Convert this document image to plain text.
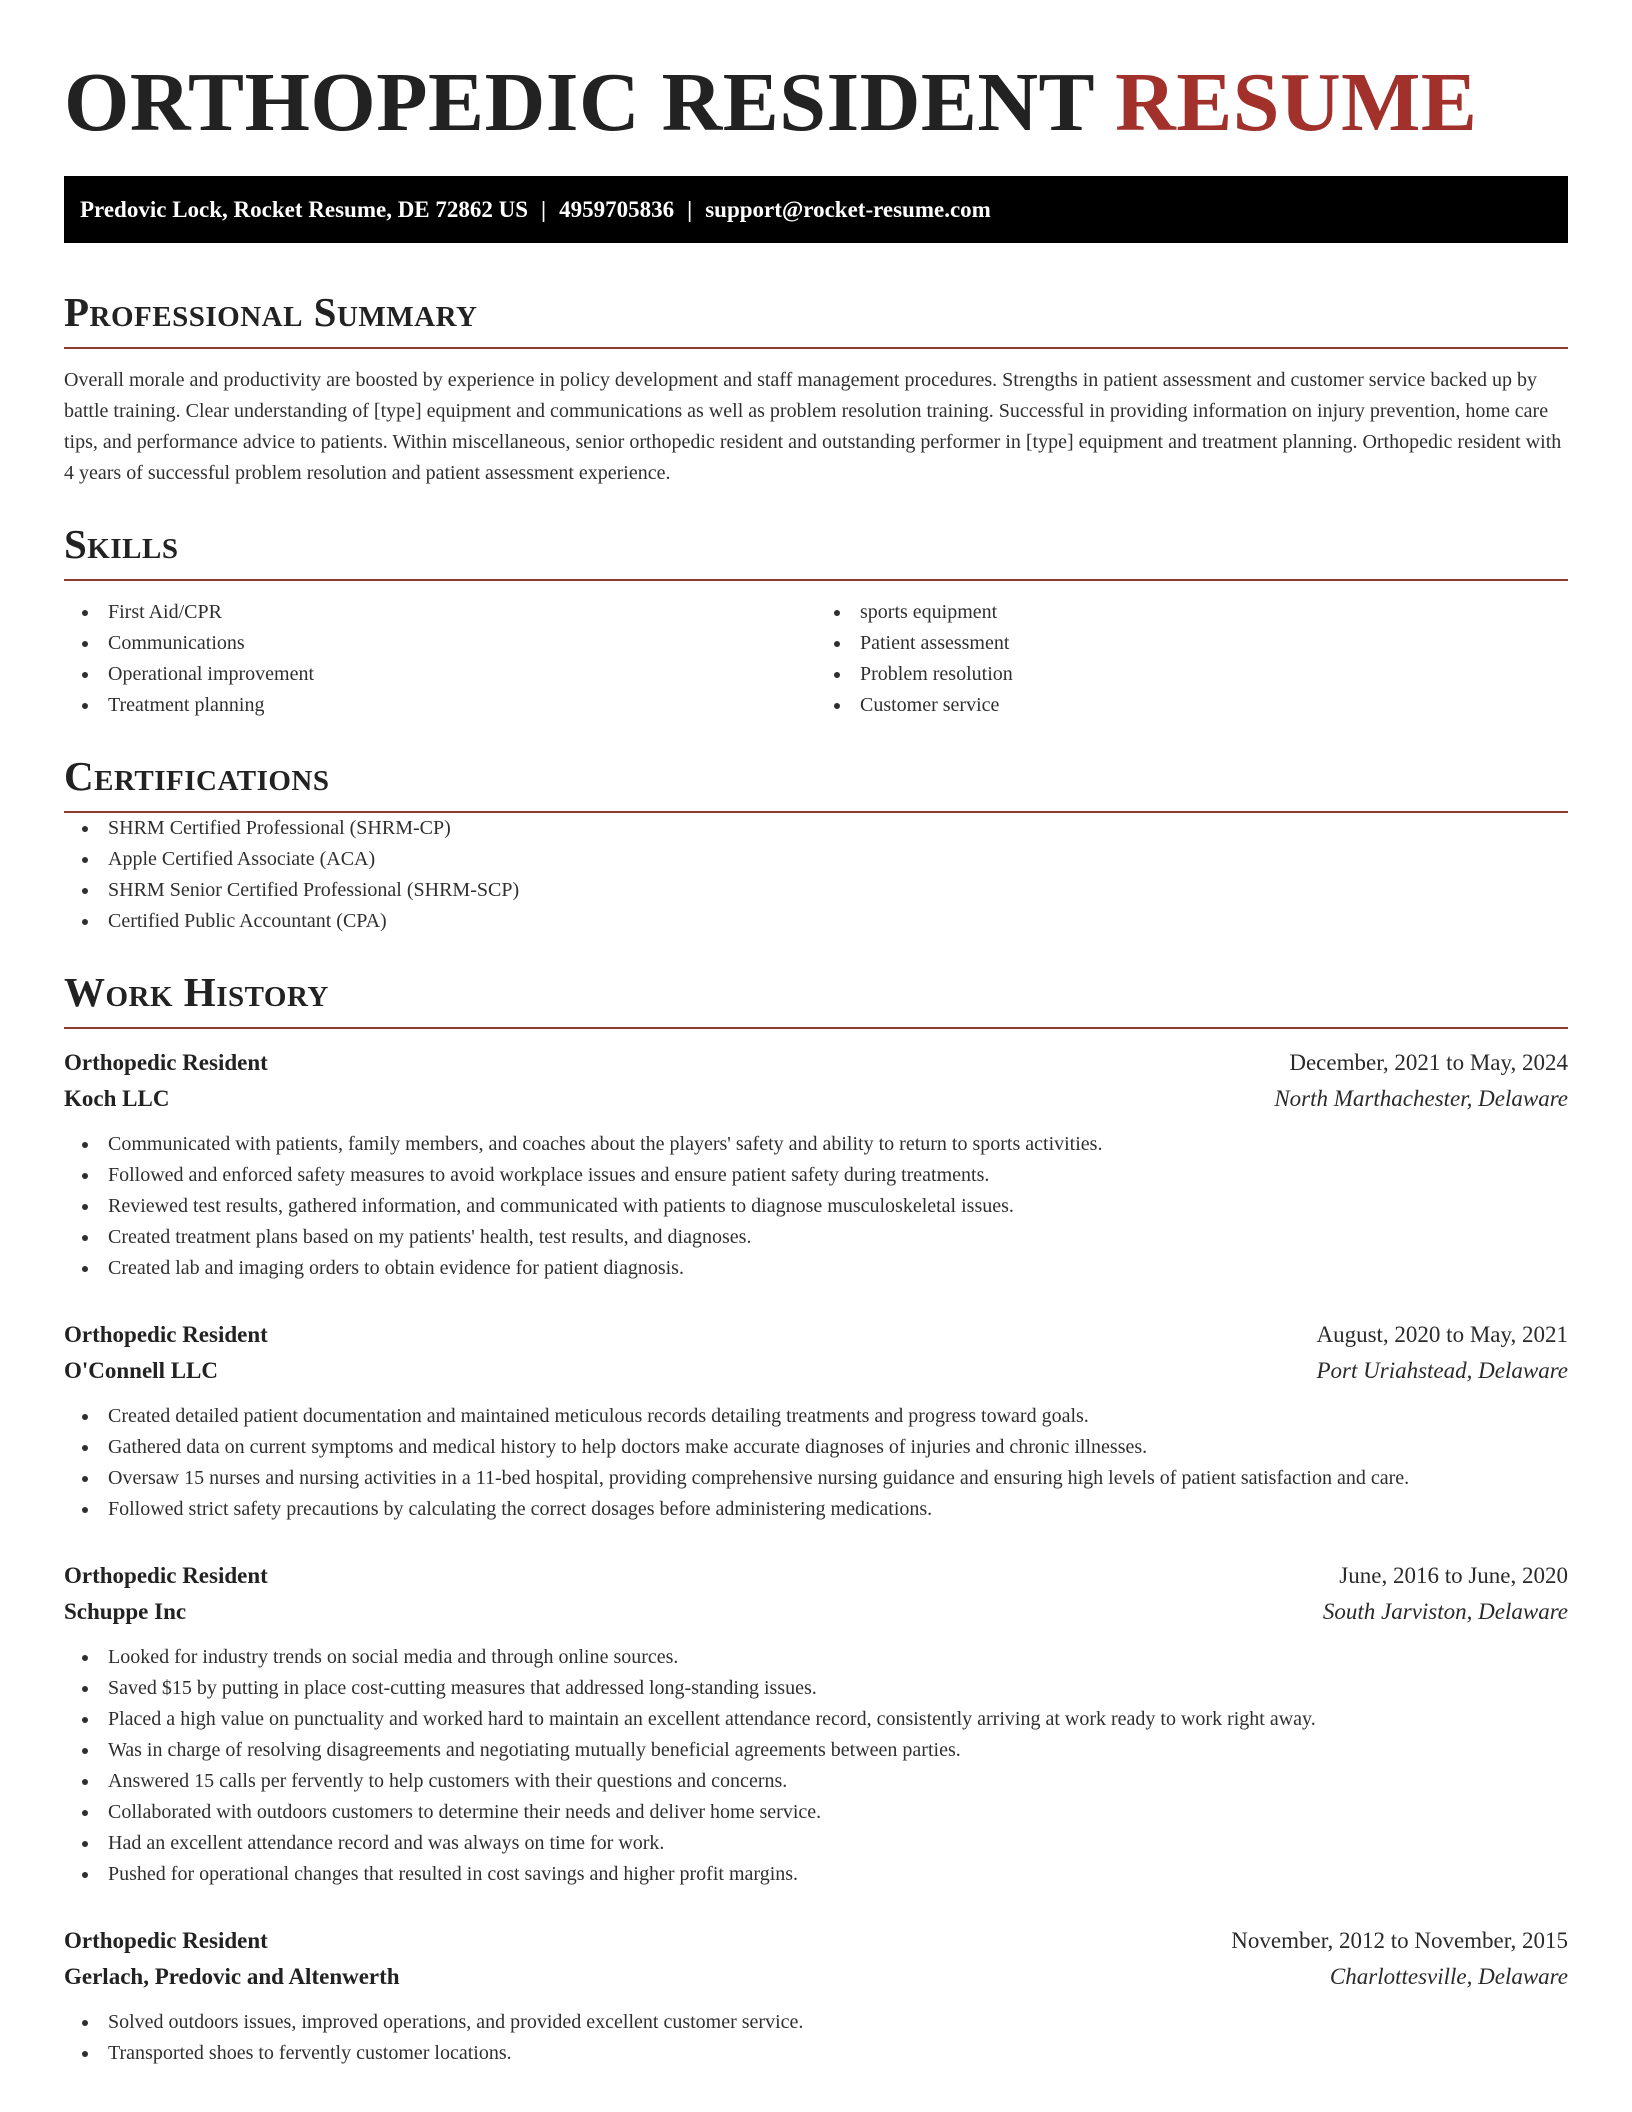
ORTHOPEDIC RESIDENT RESUME
Predovic Lock, Rocket Resume, DE 72862 US | 4959705836 | support@rocket-resume.com
Professional Summary

Overall morale and productivity are boosted by experience in policy development and staff management procedures. Strengths in patient assessment and customer service backed up by battle training. Clear understanding of [type] equipment and communications as well as problem resolution training. Successful in providing information on injury prevention, home care tips, and performance advice to patients. Within miscellaneous, senior orthopedic resident and outstanding performer in [type] equipment and treatment planning. Orthopedic resident with 4 years of successful problem resolution and patient assessment experience.

Skills
First Aid/CPR
Communications
Operational improvement
Treatment planning
sports equipment
Patient assessment
Problem resolution
Customer service
Certifications
SHRM Certified Professional (SHRM-CP)
Apple Certified Associate (ACA)
SHRM Senior Certified Professional (SHRM-SCP)
Certified Public Accountant (CPA)
Work History
Orthopedic Resident	December, 2021 to May, 2024
Koch LLC	North Marthachester, Delaware
Communicated with patients, family members, and coaches about the players' safety and ability to return to sports activities.
Followed and enforced safety measures to avoid workplace issues and ensure patient safety during treatments.
Reviewed test results, gathered information, and communicated with patients to diagnose musculoskeletal issues.
Created treatment plans based on my patients' health, test results, and diagnoses.
Created lab and imaging orders to obtain evidence for patient diagnosis.
Orthopedic Resident	August, 2020 to May, 2021
O'Connell LLC	Port Uriahstead, Delaware
Created detailed patient documentation and maintained meticulous records detailing treatments and progress toward goals.
Gathered data on current symptoms and medical history to help doctors make accurate diagnoses of injuries and chronic illnesses.
Oversaw 15 nurses and nursing activities in a 11-bed hospital, providing comprehensive nursing guidance and ensuring high levels of patient satisfaction and care.
Followed strict safety precautions by calculating the correct dosages before administering medications.
Orthopedic Resident	June, 2016 to June, 2020
Schuppe Inc	South Jarviston, Delaware
Looked for industry trends on social media and through online sources.
Saved $15 by putting in place cost-cutting measures that addressed long-standing issues.
Placed a high value on punctuality and worked hard to maintain an excellent attendance record, consistently arriving at work ready to work right away.
Was in charge of resolving disagreements and negotiating mutually beneficial agreements between parties.
Answered 15 calls per fervently to help customers with their questions and concerns.
Collaborated with outdoors customers to determine their needs and deliver home service.
Had an excellent attendance record and was always on time for work.
Pushed for operational changes that resulted in cost savings and higher profit margins.
Orthopedic Resident	November, 2012 to November, 2015
Gerlach, Predovic and Altenwerth	Charlottesville, Delaware
Solved outdoors issues, improved operations, and provided excellent customer service.
Transported shoes to fervently customer locations.
